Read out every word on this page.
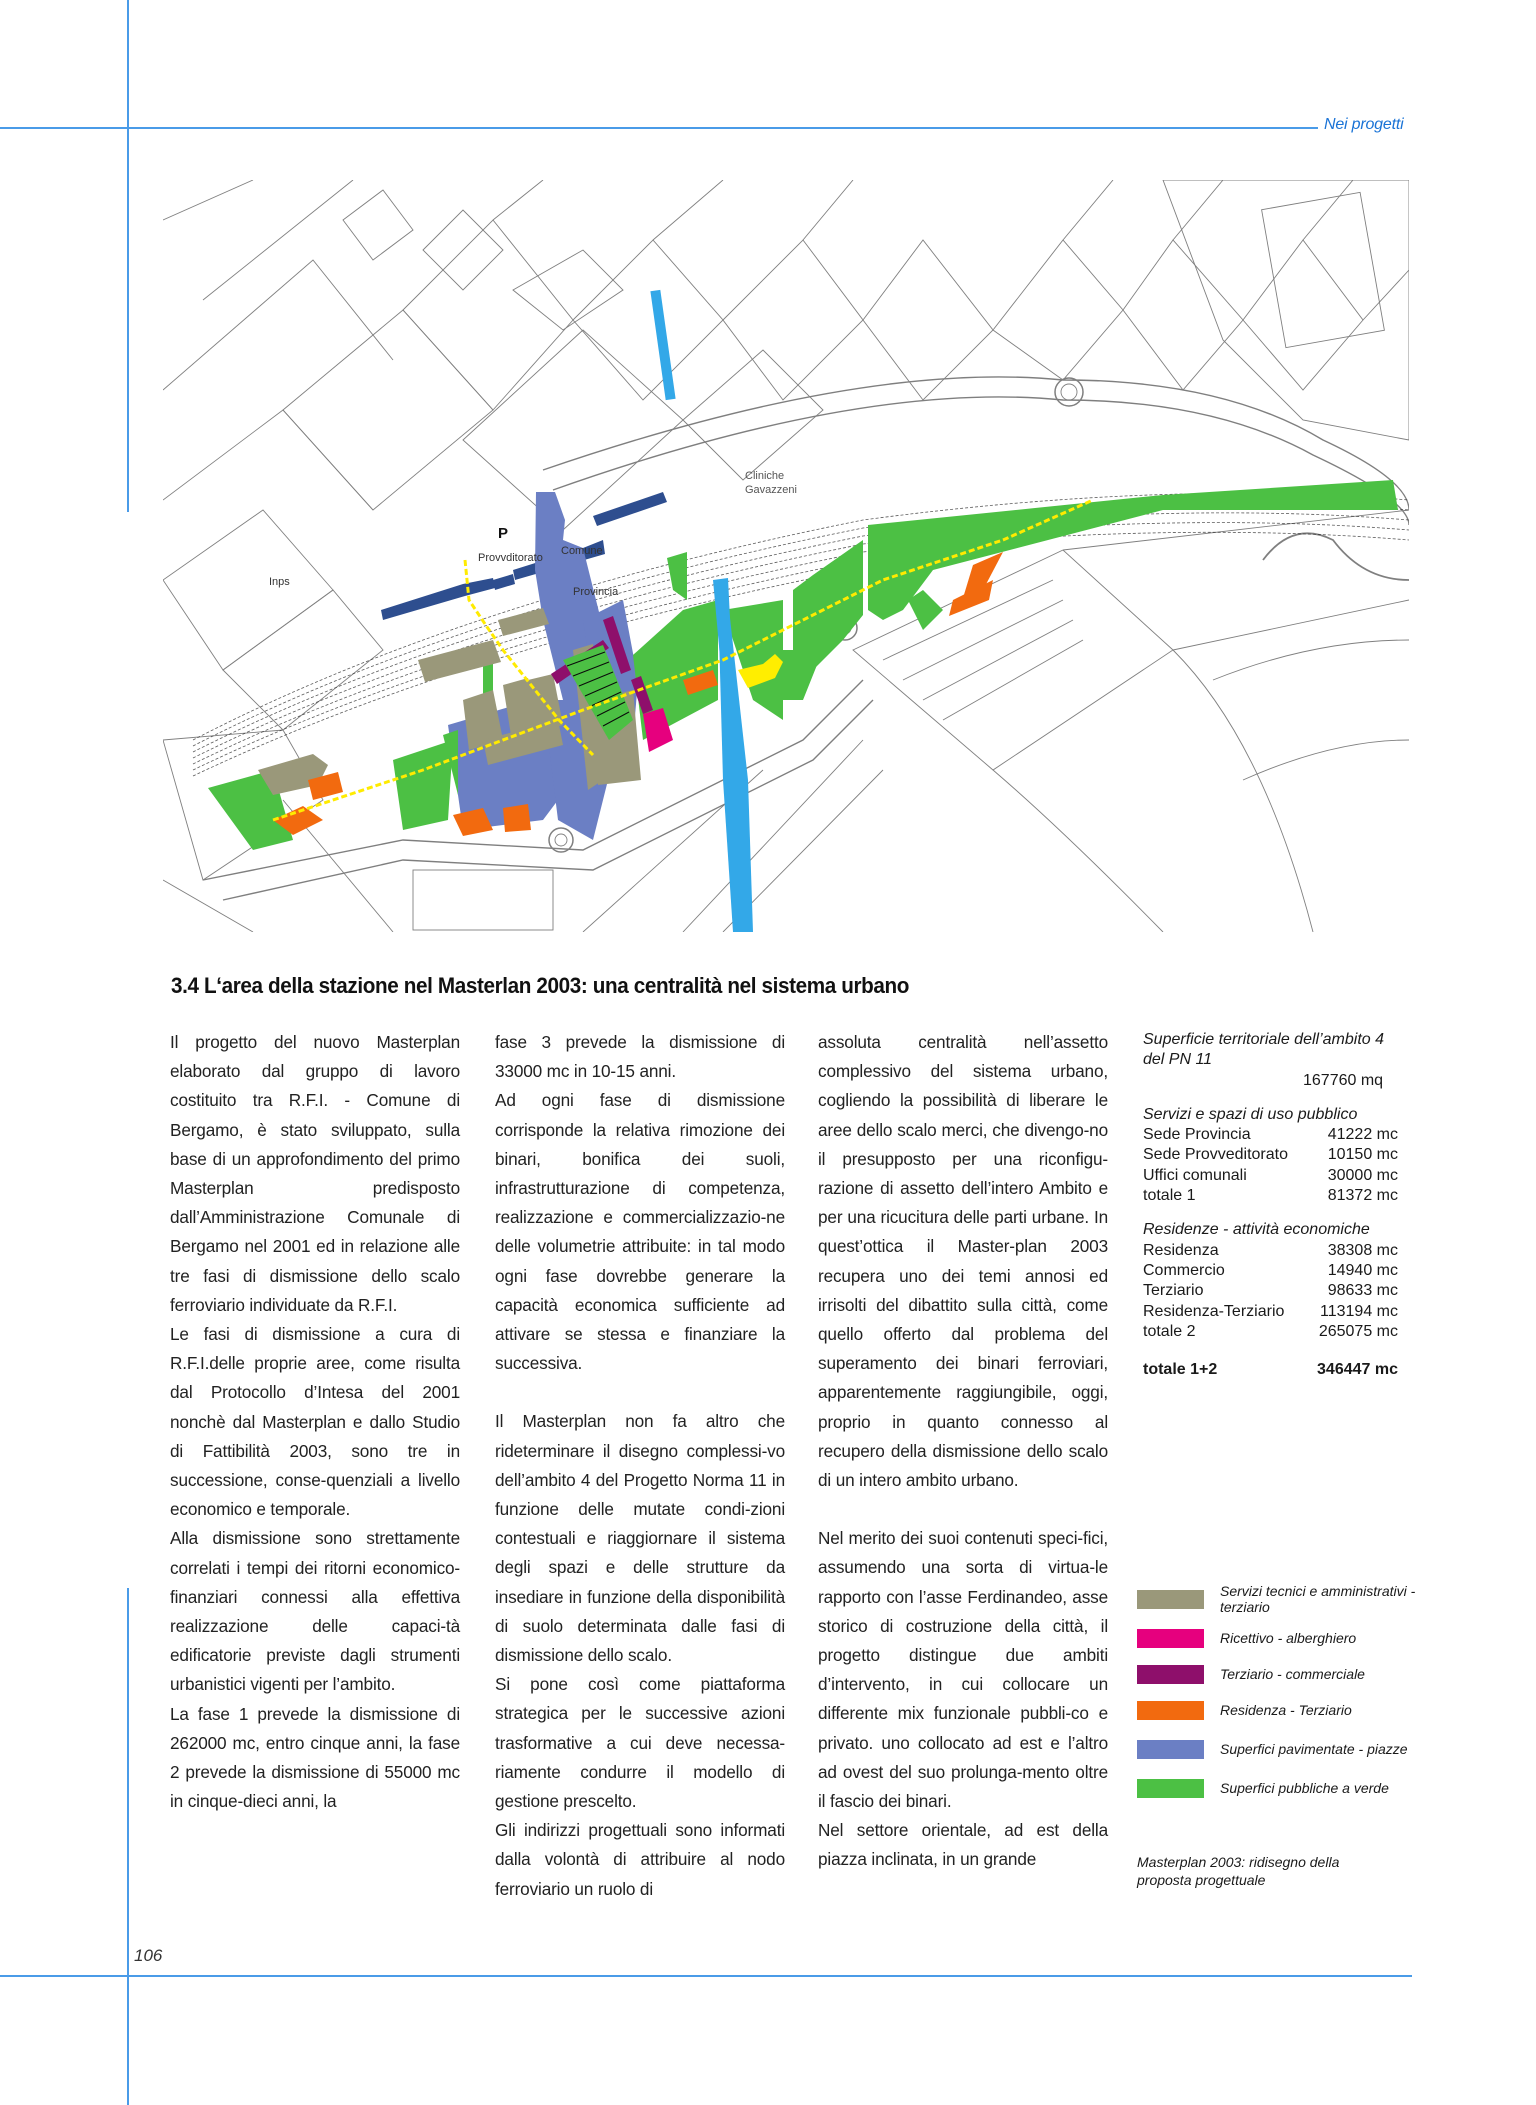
Nei progetti
P
Provvditorato
Comune
Provincia
Inps
Cliniche
Gavazzeni
3.4 L‘area della stazione nel Masterlan 2003: una centralità nel sistema urbano

Il progetto del nuovo Masterplan elaborato dal gruppo di lavoro costituito tra R.F.I. - Comune di Bergamo, è stato sviluppato, sulla base di un approfondimento del primo Masterplan predisposto dall’Amministrazione Comunale di Bergamo nel 2001 ed in relazione alle tre fasi di dismissione dello scalo ferroviario individuate da R.F.I.

Le fasi di dismissione a cura di R.F.I.delle proprie aree, come risulta dal Protocollo d’Intesa del 2001 nonchè dal Masterplan e dallo Studio di Fattibilità 2003, sono tre in successione, conse-quenziali a livello economico e temporale.

Alla dismissione sono strettamente correlati i tempi dei ritorni economico-finanziari connessi alla effettiva realizzazione delle capaci-tà edificatorie previste dagli strumenti urbanistici vigenti per l’ambito.

La fase 1 prevede la dismissione di 262000 mc, entro cinque anni, la fase 2 prevede la dismissione di 55000 mc in cinque-dieci anni, la

fase 3 prevede la dismissione di 33000 mc in 10-15 anni.

Ad ogni fase di dismissione corrisponde la relativa rimozione dei binari, bonifica dei suoli, infrastrutturazione di competenza, realizzazione e commercializzazio-ne delle volumetrie attribuite: in tal modo ogni fase dovrebbe generare la capacità economica sufficiente ad attivare se stessa e finanziare la successiva.

Il Masterplan non fa altro che rideterminare il disegno complessi-vo dell’ambito 4 del Progetto Norma 11 in funzione delle mutate condi-zioni contestuali e riaggiornare il sistema degli spazi e delle strutture da insediare in funzione della disponibilità di suolo determinata dalle fasi di dismissione dello scalo.

Si pone così come piattaforma strategica per le successive azioni trasformative a cui deve necessa-riamente condurre il modello di gestione prescelto.

Gli indirizzi progettuali sono informati dalla volontà di attribuire al nodo ferroviario un ruolo di

assoluta centralità nell’assetto complessivo del sistema urbano, cogliendo la possibilità di liberare le aree dello scalo merci, che divengo-no il presupposto per una riconfigu-razione di assetto dell’intero Ambito e per una ricucitura delle parti urbane. In quest’ottica il Master-plan 2003 recupera uno dei temi annosi ed irrisolti del dibattito sulla città, come quello offerto dal problema del superamento dei binari ferroviari, apparentemente raggiungibile, oggi, proprio in quanto connesso al recupero della dismissione dello scalo di un intero ambito urbano.

Nel merito dei suoi contenuti speci-fici, assumendo una sorta di virtua-le rapporto con l’asse Ferdinandeo, asse storico di costruzione della città, il progetto distingue due ambiti d’intervento, in cui collocare un differente mix funzionale pubbli-co e privato. uno collocato ad est e l’altro ad ovest del suo prolunga-mento oltre il fascio dei binari.

Nel settore orientale, ad est della piazza inclinata, in un grande

Superficie territoriale dell’ambito 4 del PN 11
167760 mq
Servizi e spazi di uso pubblico
Sede Provincia	41222 mc
Sede Provveditorato 10150 mc
Uffici comunali	30000 mc
totale 1	81372 mc
Residenze - attività economiche
Residenza	38308 mc
Commercio	14940 mc
Terziario	98633 mc
Residenza-Terziario 113194 mc
totale 2	265075 mc
totale 1+2	346447 mc
Servizi tecnici e amministrativi - terziario
Ricettivo - alberghiero
Terziario - commerciale
Residenza - Terziario
Superfici pavimentate - piazze
Superfici pubbliche a verde
Masterplan 2003: ridisegno della proposta progettuale
106
